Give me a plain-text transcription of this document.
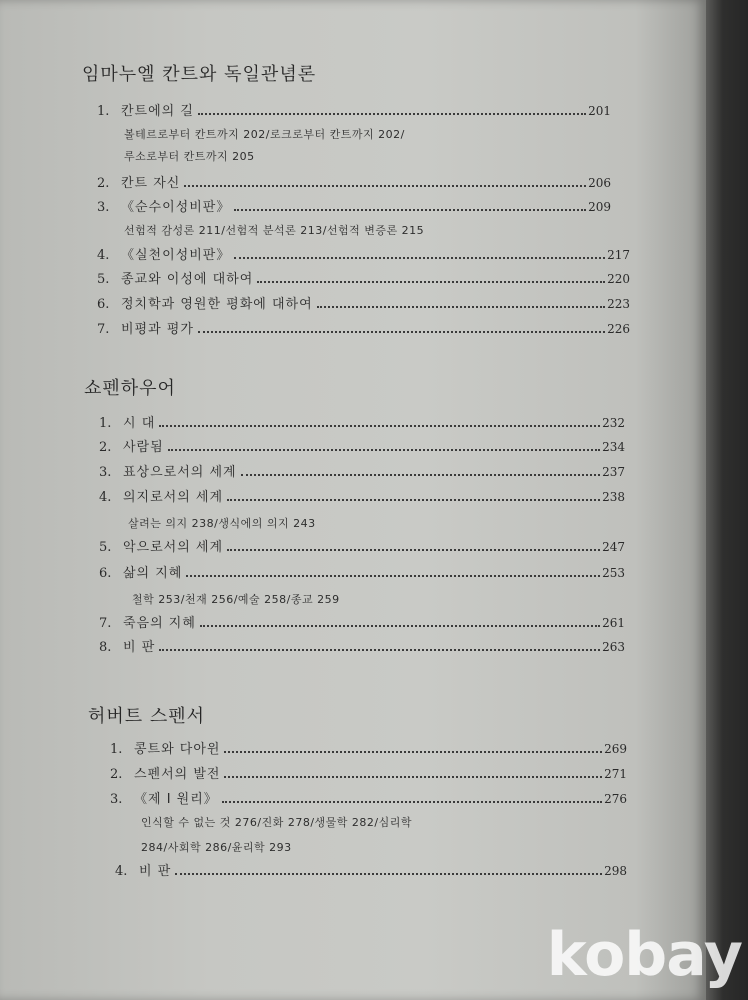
임마누엘 칸트와 독일관념론
1. 칸트에의 길	201
볼테르로부터 칸트까지 202/로크로부터 칸트까지 202/
루소로부터 칸트까지 205
2. 칸트 자신	206
3. 《순수이성비판》	209
선험적 감성론 211/선험적 분석론 213/선험적 변증론 215
4. 《실천이성비판》	217
5. 종교와 이성에 대하여	220
6. 정치학과 영원한 평화에 대하여	223
7. 비평과 평가	226
쇼펜하우어
1. 시 대	232
2. 사람됨	234
3. 표상으로서의 세계	237
4. 의지로서의 세계	238
살려는 의지 238/생식에의 의지 243
5. 악으로서의 세계	247
6. 삶의 지혜	253
철학 253/천재 256/예술 258/종교 259
7. 죽음의 지혜	261
8. 비 판	263
허버트 스펜서
1. 콩트와 다아윈	269
2. 스펜서의 발전	271
3. 《제 I 원리》	276
인식할 수 없는 것 276/진화 278/생물학 282/심리학
284/사회학 286/윤리학 293
4. 비 판	298
kobay
